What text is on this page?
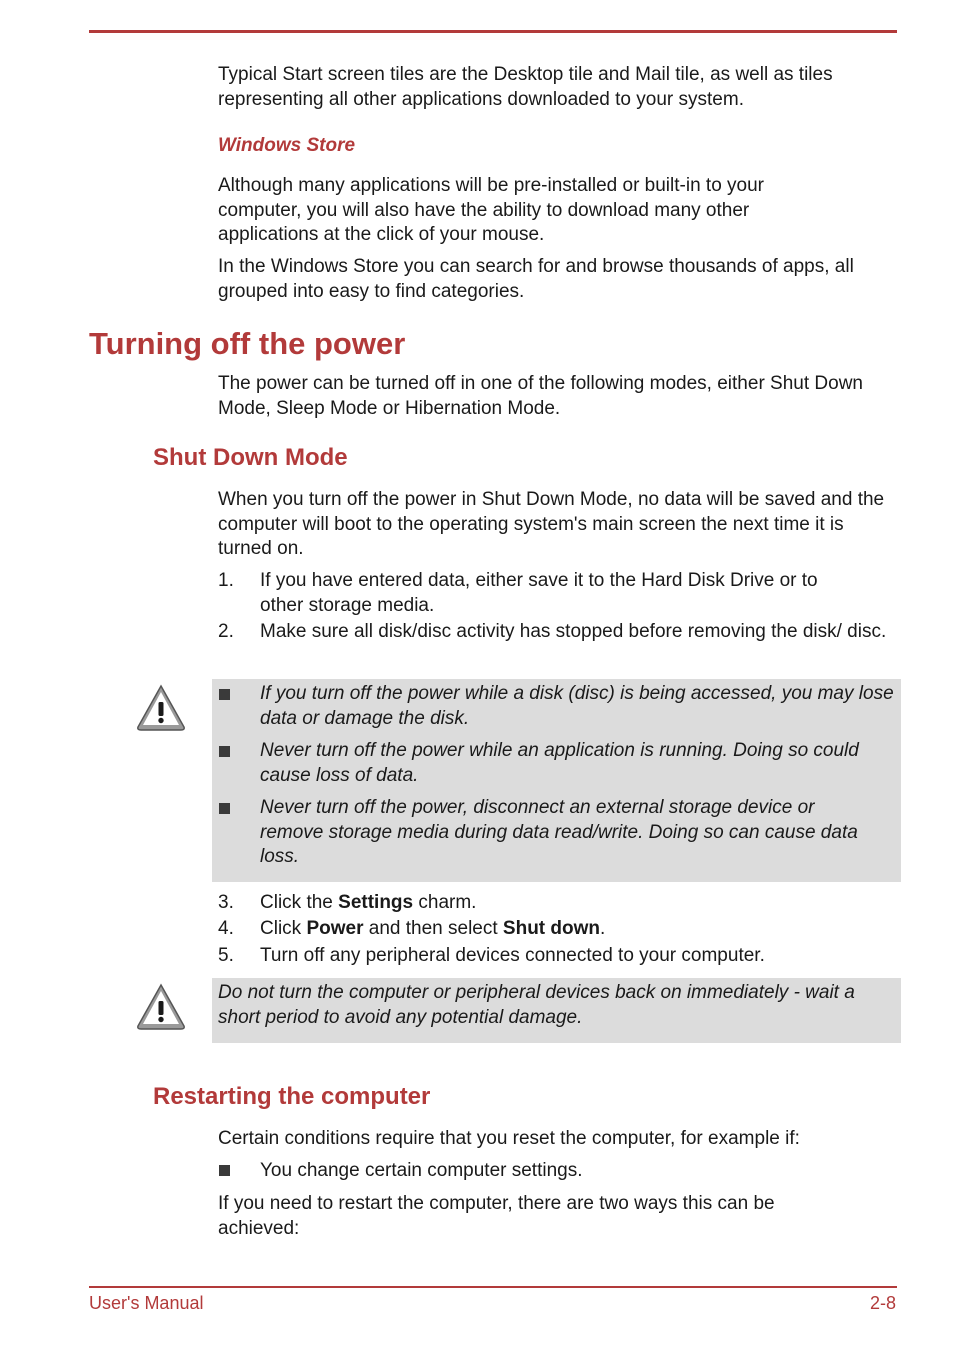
Typical Start screen tiles are the Desktop tile and Mail tile, as well as tiles representing all other applications downloaded to your system.
Windows Store
Although many applications will be pre-installed or built-in to your computer, you will also have the ability to download many other applications at the click of your mouse.
In the Windows Store you can search for and browse thousands of apps, all grouped into easy to find categories.
Turning off the power
The power can be turned off in one of the following modes, either Shut Down Mode, Sleep Mode or Hibernation Mode.
Shut Down Mode
When you turn off the power in Shut Down Mode, no data will be saved and the computer will boot to the operating system's main screen the next time it is turned on.
1.	If you have entered data, either save it to the Hard Disk Drive or to other storage media.
2.	Make sure all disk/disc activity has stopped before removing the disk/ disc.
If you turn off the power while a disk (disc) is being accessed, you may lose data or damage the disk.
Never turn off the power while an application is running. Doing so could cause loss of data.
Never turn off the power, disconnect an external storage device or remove storage media during data read/write. Doing so can cause data loss.
3.	Click the Settings charm.
4.	Click Power and then select Shut down.
5.	Turn off any peripheral devices connected to your computer.
Do not turn the computer or peripheral devices back on immediately - wait a short period to avoid any potential damage.
Restarting the computer
Certain conditions require that you reset the computer, for example if:
You change certain computer settings.
If you need to restart the computer, there are two ways this can be achieved:
User's Manual	2-8
